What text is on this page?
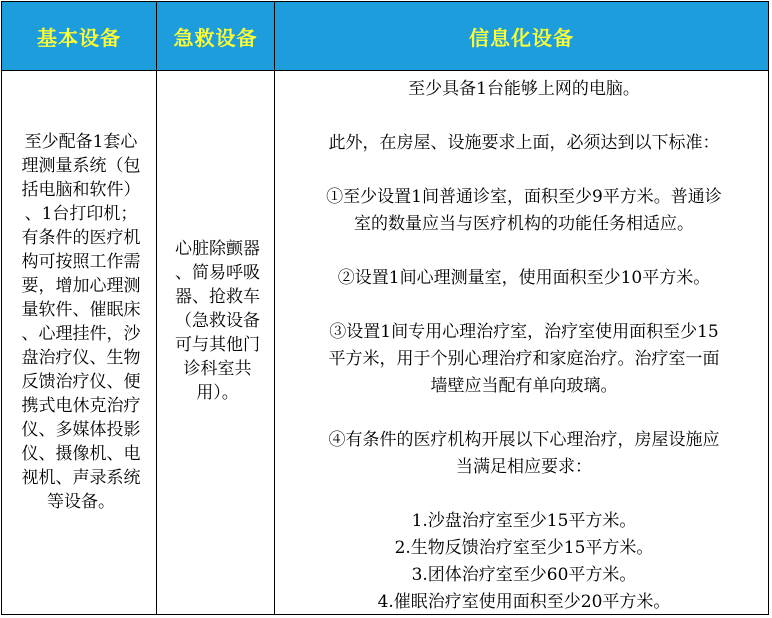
基本设备	急救设备	信息化设备
至少配备1套心
理测量系统（包
括电脑和软件）
、1台打印机；
有条件的医疗机
构可按照工作需
要，增加心理测
量软件、催眠床
、心理挂件，沙
盘治疗仪、生物
反馈治疗仪、便
携式电休克治疗
仪、多媒体投影
仪、摄像机、电
视机、声录系统
等设备。
心脏除颤器
、简易呼吸
器、抢救车
（急救设备
可与其他门
诊科室共
用）。

至少具备1台能够上网的电脑。

此外，在房屋、设施要求上面，必须达到以下标准：

①至少设置1间普通诊室，面积至少9平方米。普通诊

室的数量应当与医疗机构的功能任务相适应。

②设置1间心理测量室，使用面积至少10平方米。

③设置1间专用心理治疗室，治疗室使用面积至少15

平方米，用于个别心理治疗和家庭治疗。治疗室一面

墙壁应当配有单向玻璃。

④有条件的医疗机构开展以下心理治疗，房屋设施应

当满足相应要求：

1.沙盘治疗室至少15平方米。

2.生物反馈治疗室至少15平方米。

3.团体治疗室至少60平方米。

4.催眠治疗室使用面积至少20平方米。
